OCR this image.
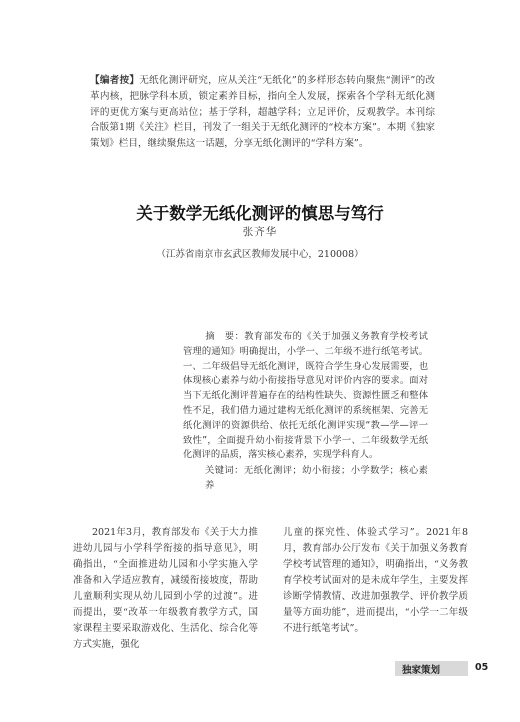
【编者按】无纸化测评研究，应从关注“无纸化”的多样形态转向聚焦“测评”的改革内核，把脉学科本质，锁定素养目标，指向全人发展，探索各个学科无纸化测评的更优方案与更高站位；基于学科，超越学科；立足评价，反观教学。本刊综合版第1期《关注》栏目，刊发了一组关于无纸化测评的“校本方案”。本期《独家策划》栏目，继续聚焦这一话题，分享无纸化测评的“学科方案”。
关于数学无纸化测评的慎思与笃行
张齐华
（江苏省南京市玄武区教师发展中心，210008）
摘　要：教育部发布的《关于加强义务教育学校考试管理的通知》明确提出，小学一、二年级不进行纸笔考试。一、二年级倡导无纸化测评，既符合学生身心发展需要，也体现核心素养与幼小衔接指导意见对评价内容的要求。面对当下无纸化测评普遍存在的结构性缺失、资源性匮乏和整体性不足，我们借力通过建构无纸化测评的系统框架、完善无纸化测评的资源供给、依托无纸化测评实现“教—学—评一致性”，全面提升幼小衔接背景下小学一、二年级数学无纸化测评的品质，落实核心素养，实现学科育人。
关键词：无纸化测评；幼小衔接；小学数学；核心素养
2021年3月，教育部发布《关于大力推进幼儿园与小学科学衔接的指导意见》，明确指出，“全面推进幼儿园和小学实施入学准备和入学适应教育，减缓衔接坡度，帮助儿童顺利实现从幼儿园到小学的过渡”。进而提出，要“改革一年级教育教学方式，国家课程主要采取游戏化、生活化、综合化等方式实施，强化
儿童的探究性、体验式学习”。2021年8月，教育部办公厅发布《关于加强义务教育学校考试管理的通知》，明确指出，“义务教育学校考试面对的是未成年学生，主要发挥诊断学情教情、改进加强教学、评价教学质量等方面功能”，进而提出，“小学一二年级不进行纸笔考试”。
独家策划	05
